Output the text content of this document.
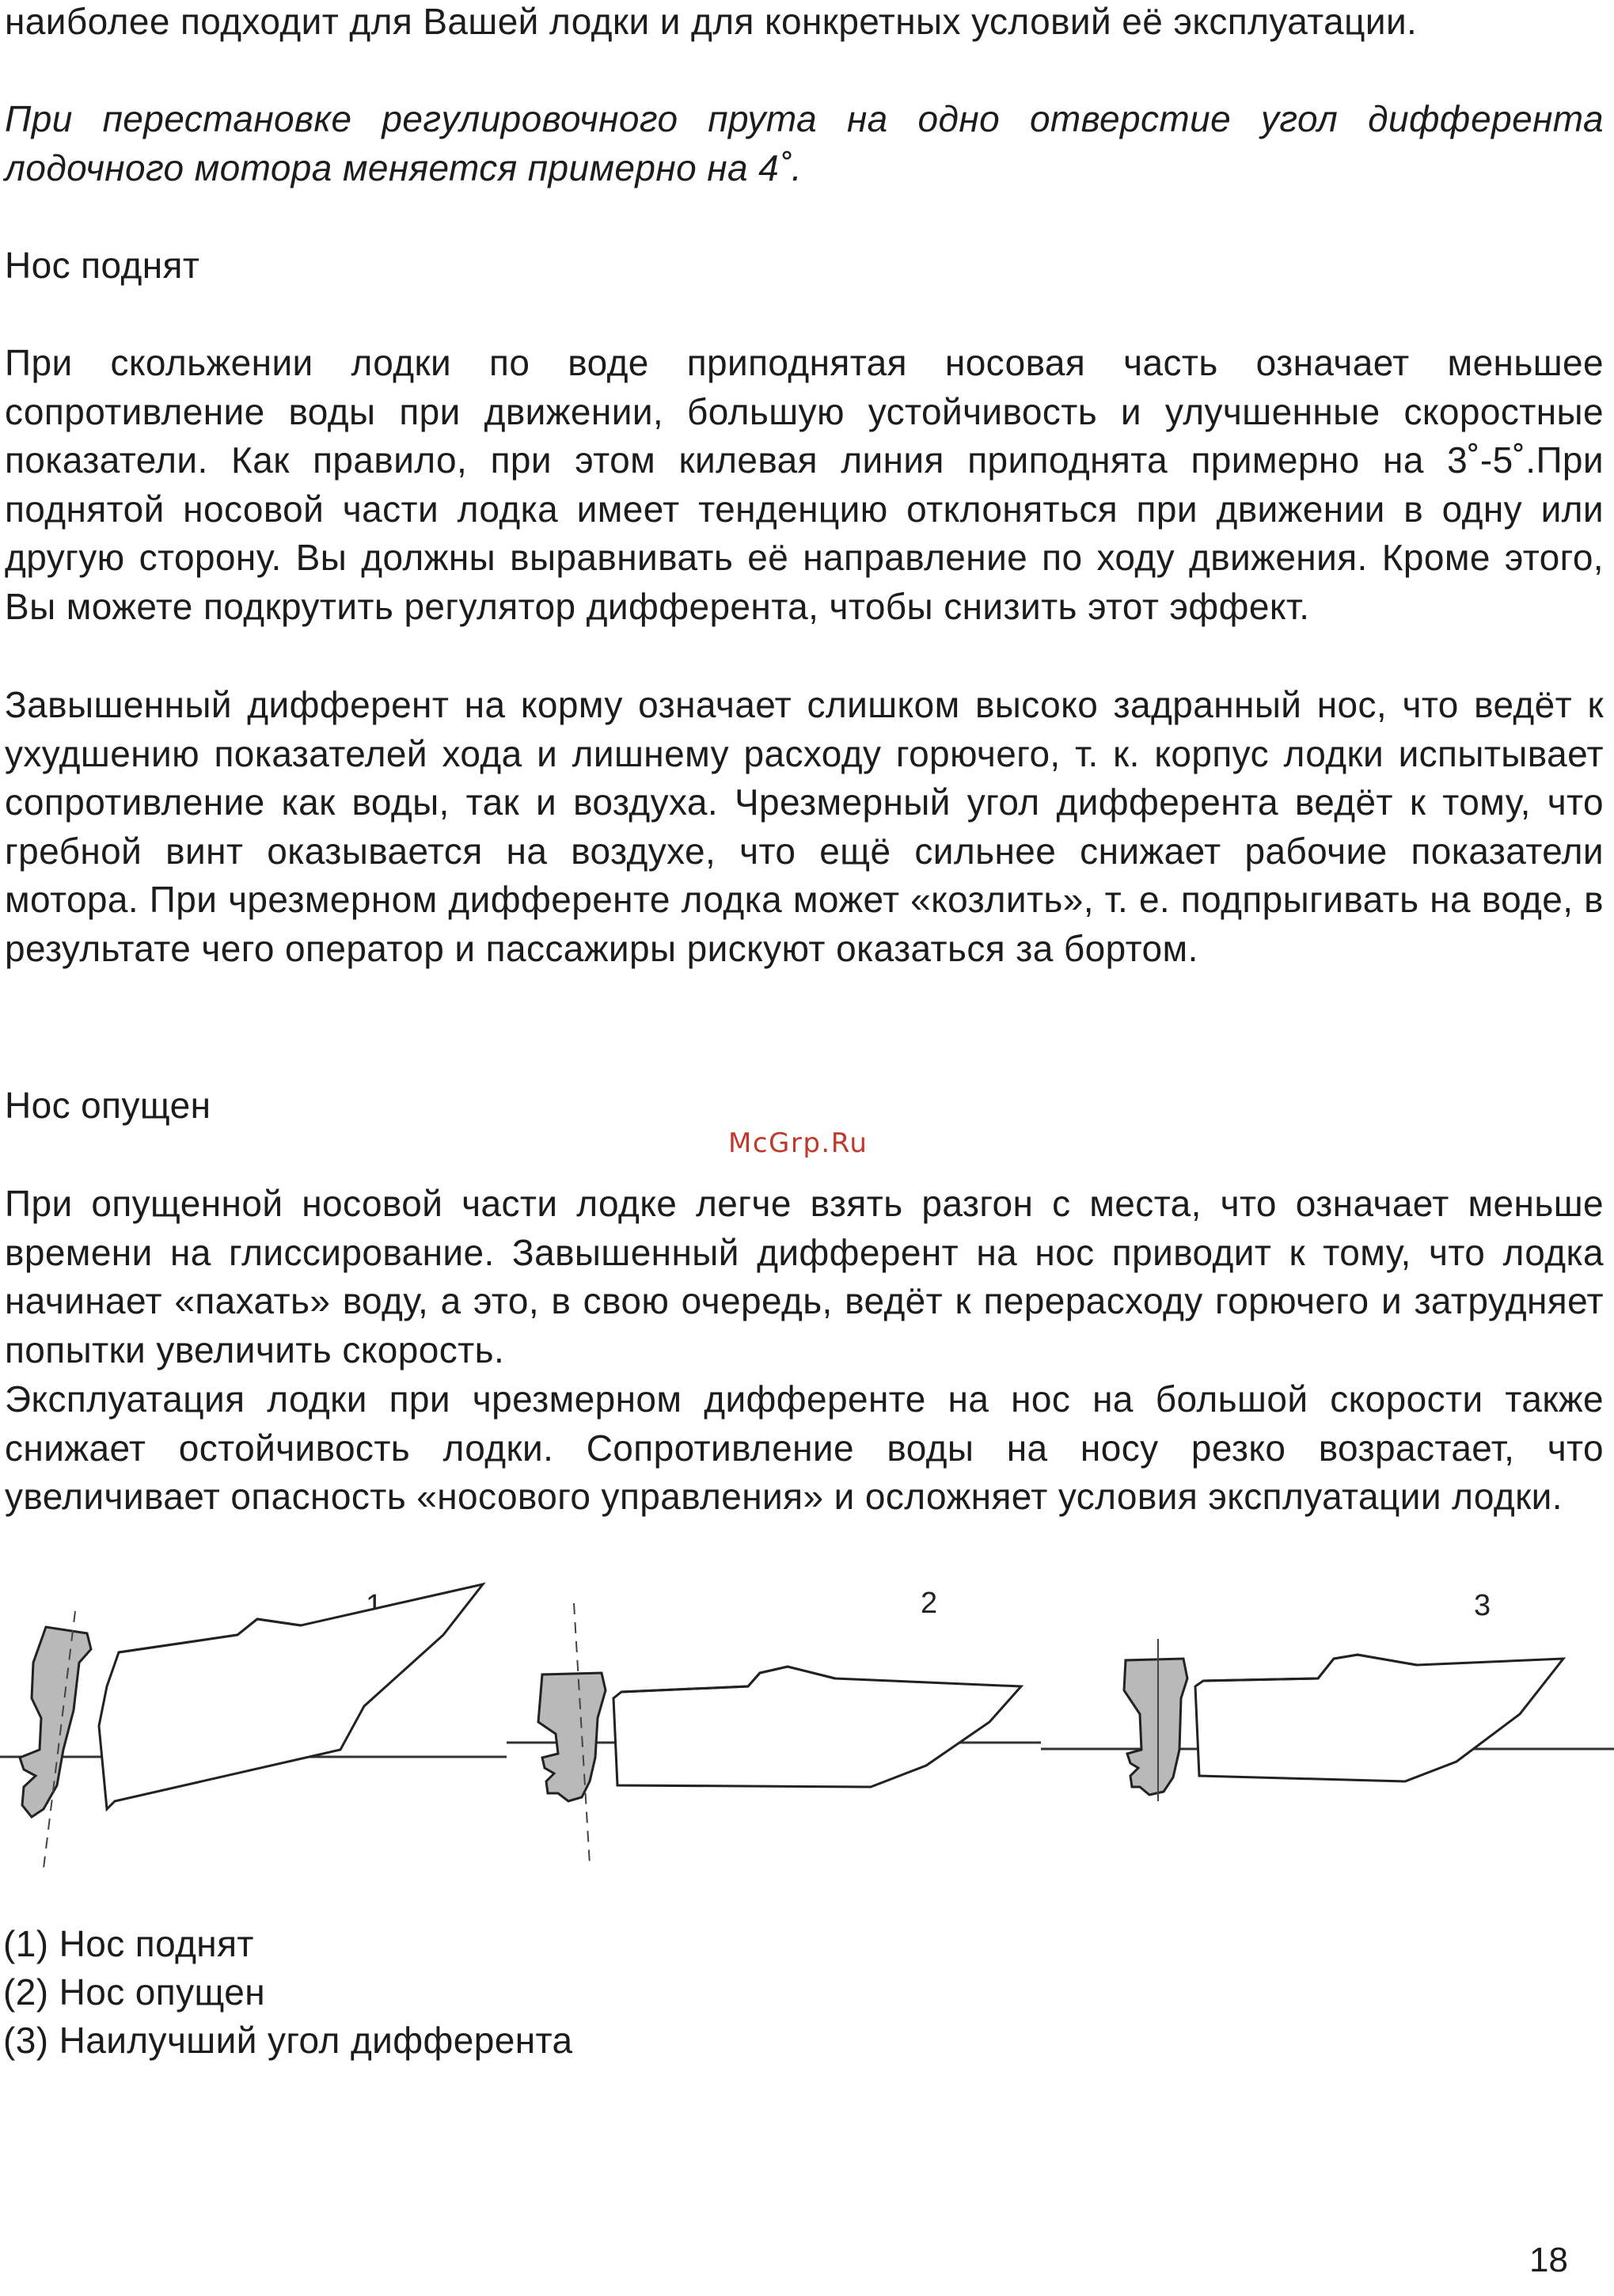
наиболее подходит для Вашей лодки и для конкретных условий её эксплуатации.
При перестановке регулировочного прута на одно отверстие угол дифферента лодочного мотора меняется примерно на 4˚.
Нос поднят
При скольжении лодки по воде приподнятая носовая часть означает меньшее сопротивление воды при движении, большую устойчивость и улучшенные скоростные показатели. Как правило, при этом килевая линия приподнята примерно на 3˚-5˚.При поднятой носовой части лодка имеет тенденцию отклоняться при движении в одну или другую сторону. Вы должны выравнивать её направление по ходу движения. Кроме этого, Вы можете подкрутить регулятор дифферента, чтобы снизить этот эффект.
Завышенный дифферент на корму означает слишком высоко задранный нос, что ведёт к ухудшению показателей хода и лишнему расходу горючего, т. к. корпус лодки испытывает сопротивление как воды, так и воздуха. Чрезмерный угол дифферента ведёт к тому, что гребной винт оказывается на воздухе, что ещё сильнее снижает рабочие показатели мотора. При чрезмерном дифференте лодка может «козлить», т. е. подпрыгивать на воде, в результате чего оператор и пассажиры рискуют оказаться за бортом.
Нос опущен
McGrp.Ru
При опущенной носовой части лодке легче взять разгон с места, что означает меньше времени на глиссирование. Завышенный дифферент на нос приводит к тому, что лодка начинает «пахать» воду, а это, в свою очередь, ведёт к перерасходу горючего и затрудняет попытки увеличить скорость.
Эксплуатация лодки при чрезмерном дифференте на нос на большой скорости также снижает остойчивость лодки. Сопротивление воды на носу резко возрастает, что увеличивает опасность «носового управления» и осложняет условия эксплуатации лодки.
1	2	3
(1) Нос поднят
(2) Нос опущен
(3) Наилучший угол дифферента
18
